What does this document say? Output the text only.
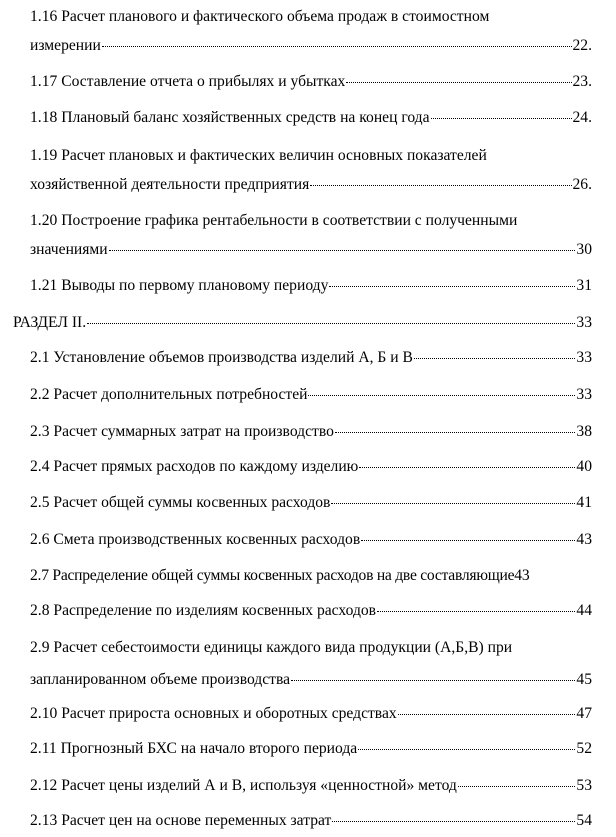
1.16 Расчет планового и фактического объема продаж в стоимостном
измерении	22.
1.17 Составление отчета о прибылях и убытках	23.
1.18 Плановый баланс хозяйственных средств на конец года	24.
1.19 Расчет плановых и фактических величин основных показателей
хозяйственной деятельности предприятия	26.
1.20 Построение графика рентабельности в соответствии с полученными
значениями	30
1.21 Выводы по первому плановому периоду	31
РАЗДЕЛ II.	33
2.1 Установление объемов производства изделий А, Б и В	33
2.2 Расчет дополнительных потребностей	33
2.3 Расчет суммарных затрат на производство	38
2.4 Расчет прямых расходов по каждому изделию	40
2.5 Расчет общей суммы косвенных расходов	41
2.6 Смета производственных косвенных расходов	43
2.7 Распределение общей суммы косвенных расходов на две составляющие 43
2.8 Распределение по изделиям косвенных расходов	44
2.9 Расчет себестоимости единицы каждого вида продукции (А,Б,В) при
запланированном объеме производства	45
2.10 Расчет прироста основных и оборотных средствах	47
2.11 Прогнозный БХС на начало второго периода	52
2.12 Расчет цены изделий А и В, используя «ценностной» метод	53
2.13 Расчет цен на основе переменных затрат	54
